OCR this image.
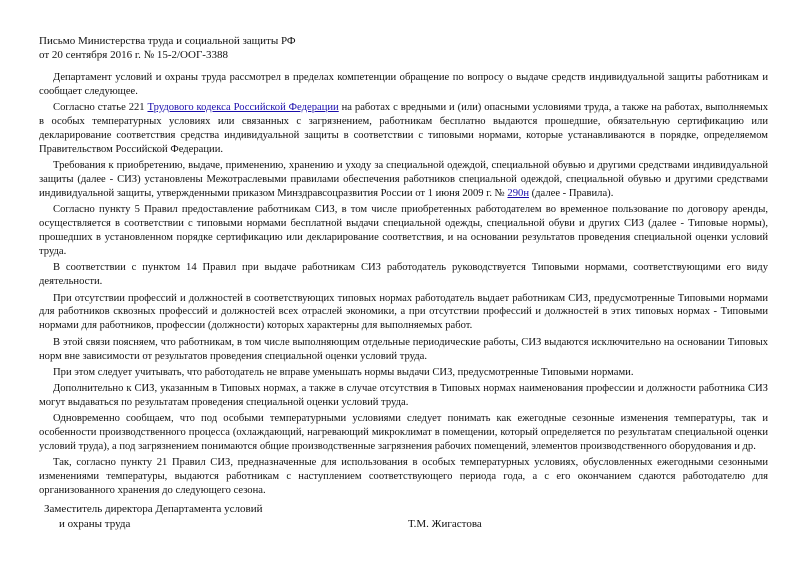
Письмо Министерства труда и социальной защиты РФ
от 20 сентября 2016 г. № 15-2/ООГ-3388

Департамент условий и охраны труда рассмотрел в пределах компетенции обращение по вопросу о выдаче средств индивидуальной защиты работникам и сообщает следующее.

Согласно статье 221 Трудового кодекса Российской Федерации на работах с вредными и (или) опасными условиями труда, а также на работах, выполняемых в особых температурных условиях или связанных с загрязнением, работникам бесплатно выдаются прошедшие, обязательную сертификацию или декларирование соответствия средства индивидуальной защиты в соответствии с типовыми нормами, которые устанавливаются в порядке, определяемом Правительством Российской Федерации.

Требования к приобретению, выдаче, применению, хранению и уходу за специальной одеждой, специальной обувью и другими средствами индивидуальной защиты (далее - СИЗ) установлены Межотраслевыми правилами обеспечения работников специальной одеждой, специальной обувью и другими средствами индивидуальной защиты, утвержденными приказом Минздравсоцразвития России от 1 июня 2009 г. № 290н (далее - Правила).

Согласно пункту 5 Правил предоставление работникам СИЗ, в том числе приобретенных работодателем во временное пользование по договору аренды, осуществляется в соответствии с типовыми нормами бесплатной выдачи специальной одежды, специальной обуви и других СИЗ (далее - Типовые нормы), прошедших в установленном порядке сертификацию или декларирование соответствия, и на основании результатов проведения специальной оценки условий труда.

В соответствии с пунктом 14 Правил при выдаче работникам СИЗ работодатель руководствуется Типовыми нормами, соответствующими его виду деятельности.

При отсутствии профессий и должностей в соответствующих типовых нормах работодатель выдает работникам СИЗ, предусмотренные Типовыми нормами для работников сквозных профессий и должностей всех отраслей экономики, а при отсутствии профессий и должностей в этих типовых нормах - Типовыми нормами для работников, профессии (должности) которых характерны для выполняемых работ.

В этой связи поясняем, что работникам, в том числе выполняющим отдельные периодические работы, СИЗ выдаются исключительно на основании Типовых норм вне зависимости от результатов проведения специальной оценки условий труда.

При этом следует учитывать, что работодатель не вправе уменьшать нормы выдачи СИЗ, предусмотренные Типовыми нормами.

Дополнительно к СИЗ, указанным в Типовых нормах, а также в случае отсутствия в Типовых нормах наименования профессии и должности работника СИЗ могут выдаваться по результатам проведения специальной оценки условий труда.

Одновременно сообщаем, что под особыми температурными условиями следует понимать как ежегодные сезонные изменения температуры, так и особенности производственного процесса (охлаждающий, нагревающий микроклимат в помещении, который определяется по результатам специальной оценки условий труда), а под загрязнением понимаются общие производственные загрязнения рабочих помещений, элементов производственного оборудования и др.

Так, согласно пункту 21 Правил СИЗ, предназначенные для использования в особых температурных условиях, обусловленных ежегодными сезонными изменениями температуры, выдаются работникам с наступлением соответствующего периода года, а с его окончанием сдаются работодателю для организованного хранения до следующего сезона.

Заместитель директора Департамента условий
и охраны труда	Т.М. Жигастова
